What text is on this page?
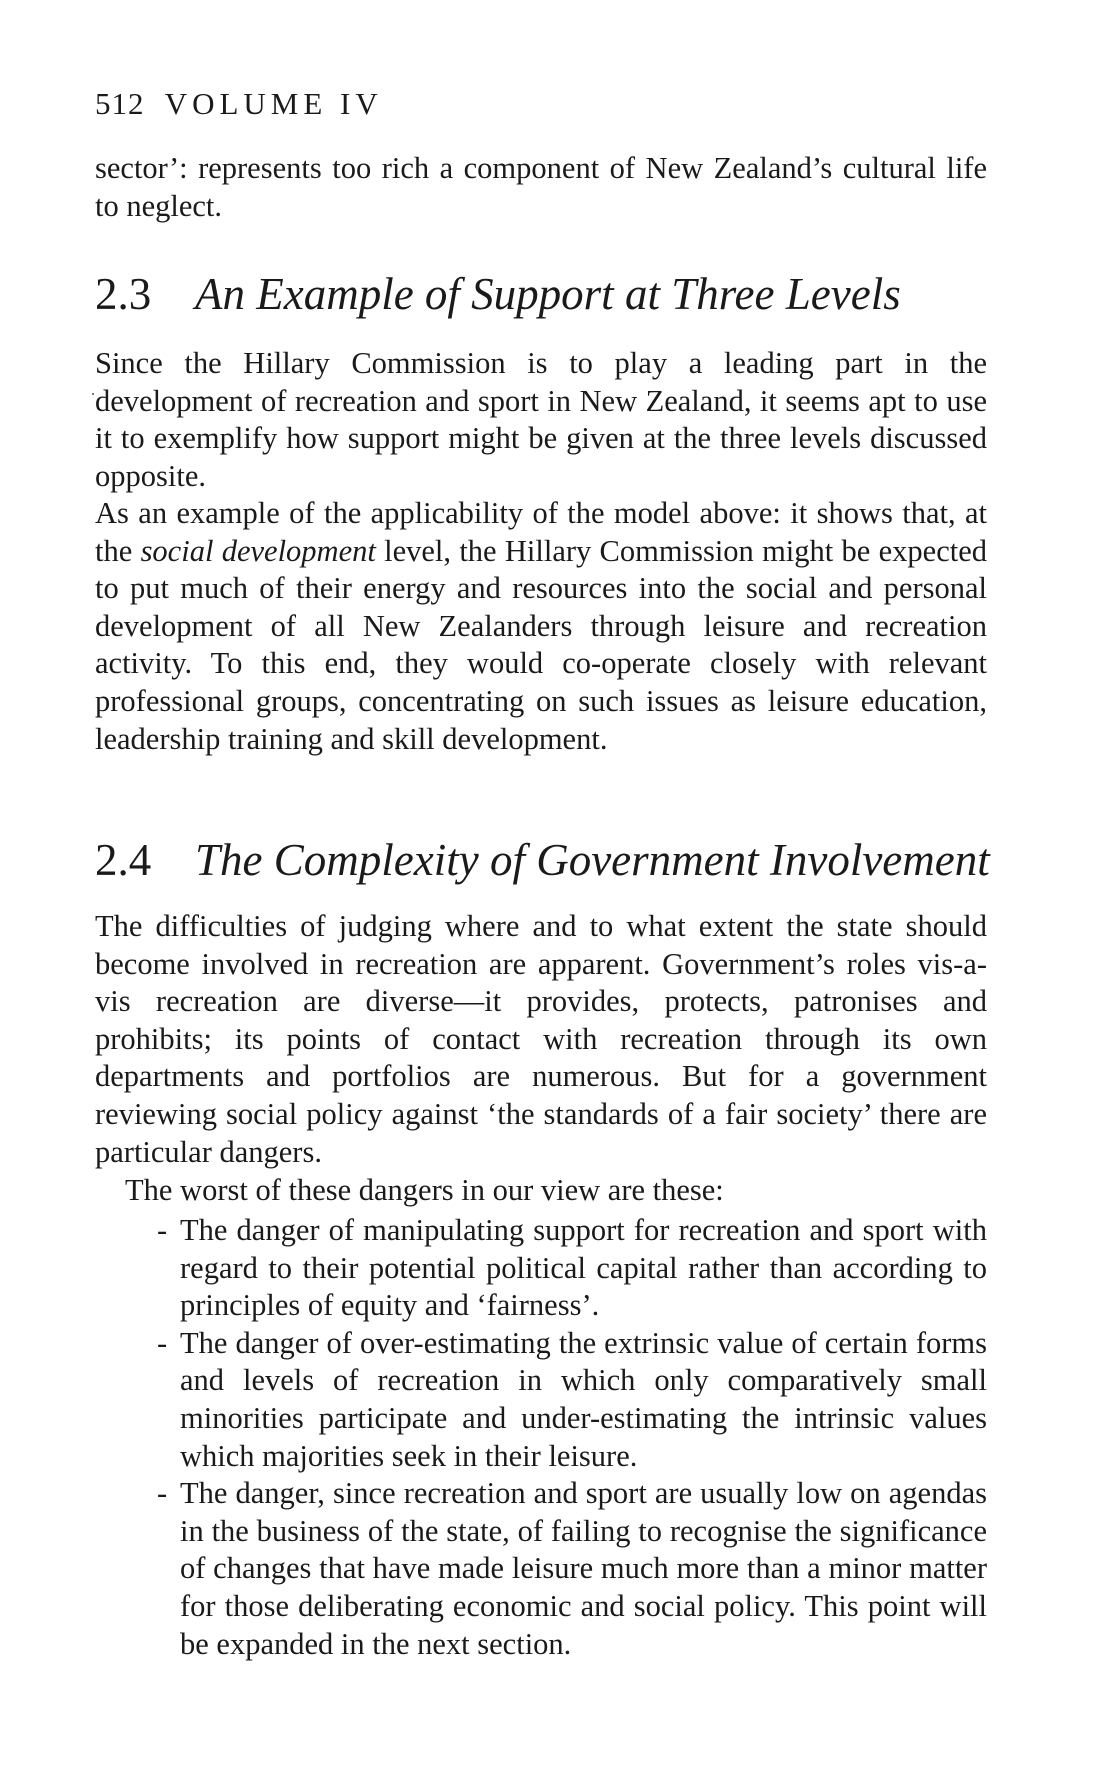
512 VOLUME IV

sector’: represents too rich a component of New Zealand’s cultural life to neglect.

2.3 An Example of Support at Three Levels

Since the Hillary Commission is to play a leading part in the development of recreation and sport in New Zealand, it seems apt to use it to exemplify how support might be given at the three levels discussed opposite.

As an example of the applicability of the model above: it shows that, at the social development level, the Hillary Commission might be expected to put much of their energy and resources into the social and personal development of all New Zealanders through leisure and recreation activity. To this end, they would co-operate closely with relevant professional groups, concentrating on such issues as leisure education, leadership training and skill development.

2.4 The Complexity of Government Involvement

The difficulties of judging where and to what extent the state should become involved in recreation are apparent. Government’s roles vis-a-vis recreation are diverse—it provides, protects, patronises and prohibits; its points of contact with recreation through its own departments and portfolios are numerous. But for a government reviewing social policy against ‘the standards of a fair society’ there are particular dangers.

The worst of these dangers in our view are these:

- The danger of manipulating support for recreation and sport with regard to their potential political capital rather than according to principles of equity and ‘fairness’.

- The danger of over-estimating the extrinsic value of certain forms and levels of recreation in which only comparatively small minorities participate and under-estimating the intrinsic values which majorities seek in their leisure.

- The danger, since recreation and sport are usually low on agendas in the business of the state, of failing to recognise the significance of changes that have made leisure much more than a minor matter for those deliberating economic and social policy. This point will be expanded in the next section.
